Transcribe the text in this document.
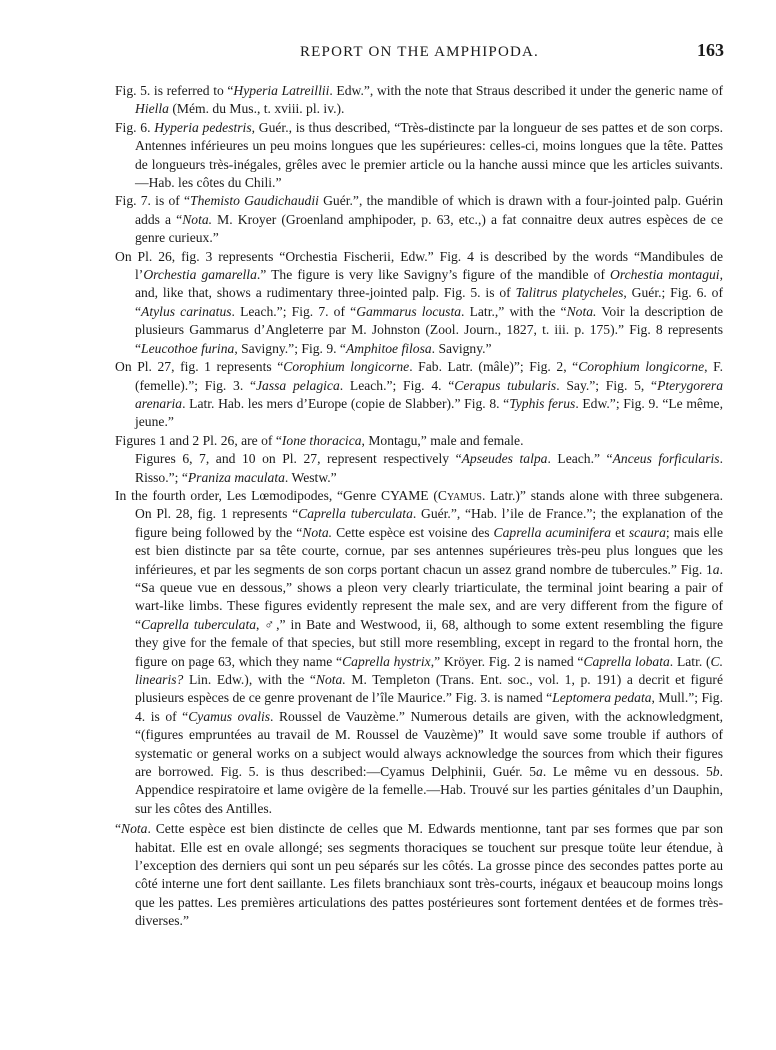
REPORT ON THE AMPHIPODA.	163

Fig. 5. is referred to “Hyperia Latreillii. Edw.”, with the note that Straus described it under the generic name of Hiella (Mém. du Mus., t. xviii. pl. iv.).

Fig. 6. Hyperia pedestris, Guér., is thus described, “Très-distincte par la longueur de ses pattes et de son corps. Antennes inférieures un peu moins longues que les supérieures: celles-ci, moins longues que la tête. Pattes de longueurs très-inégales, grêles avec le premier article ou la hanche aussi mince que les articles suivants.—Hab. les côtes du Chili.”

Fig. 7. is of “Themisto Gaudichaudii Guér.”, the mandible of which is drawn with a four-jointed palp. Guérin adds a “Nota. M. Kroyer (Groenland amphipoder, p. 63, etc.,) a fat connaitre deux autres espèces de ce genre curieux.”

On Pl. 26, fig. 3 represents “Orchestia Fischerii, Edw.” Fig. 4 is described by the words “Mandibules de l’Orchestia gamarella.” The figure is very like Savigny’s figure of the mandible of Orchestia montagui, and, like that, shows a rudimentary three-jointed palp. Fig. 5. is of Talitrus platycheles, Guér.; Fig. 6. of “Atylus carinatus. Leach.”; Fig. 7. of “Gammarus locusta. Latr.,” with the “Nota. Voir la description de plusieurs Gammarus d’Angleterre par M. Johnston (Zool. Journ., 1827, t. iii. p. 175).” Fig. 8 represents “Leucothoe furina, Savigny.”; Fig. 9. “Amphitoe filosa. Savigny.”

On Pl. 27, fig. 1 represents “Corophium longicorne. Fab. Latr. (mâle)”; Fig. 2, “Corophium longicorne, F. (femelle).”; Fig. 3. “Jassa pelagica. Leach.”; Fig. 4. “Cerapus tubularis. Say.”; Fig. 5, “Pterygorera arenaria. Latr. Hab. les mers d’Europe (copie de Slabber).” Fig. 8. “Typhis ferus. Edw.”; Fig. 9. “Le même, jeune.”

Figures 1 and 2 Pl. 26, are of “Ione thoracica, Montagu,” male and female.

Figures 6, 7, and 10 on Pl. 27, represent respectively “Apseudes talpa. Leach.” “Anceus forficularis. Risso.”; “Praniza maculata. Westw.”

In the fourth order, Les Lœmodipodes, “Genre CYAME (Cyamus. Latr.)” stands alone with three subgenera. On Pl. 28, fig. 1 represents “Caprella tuberculata. Guér.”, “Hab. l’ile de France.”; the explanation of the figure being followed by the “Nota. Cette espèce est voisine des Caprella acuminifera et scaura; mais elle est bien distincte par sa tête courte, cornue, par ses antennes supérieures très-peu plus longues que les inférieures, et par les segments de son corps portant chacun un assez grand nombre de tubercules.” Fig. 1a. “Sa queue vue en dessous,” shows a pleon very clearly triarticulate, the terminal joint bearing a pair of wart-like limbs. These figures evidently represent the male sex, and are very different from the figure of “Caprella tuberculata, ♂,” in Bate and Westwood, ii, 68, although to some extent resembling the figure they give for the female of that species, but still more resembling, except in regard to the frontal horn, the figure on page 63, which they name “Caprella hystrix,” Kröyer. Fig. 2 is named “Caprella lobata. Latr. (C. linearis? Lin. Edw.), with the “Nota. M. Templeton (Trans. Ent. soc., vol. 1, p. 191) a decrit et figuré plusieurs espèces de ce genre provenant de l’île Maurice.” Fig. 3. is named “Leptomera pedata, Mull.”; Fig. 4. is of “Cyamus ovalis. Roussel de Vauzème.” Numerous details are given, with the acknowledgment, “(figures empruntées au travail de M. Roussel de Vauzème)” It would save some trouble if authors of systematic or general works on a subject would always acknowledge the sources from which their figures are borrowed. Fig. 5. is thus described:—Cyamus Delphinii, Guér. 5a. Le même vu en dessous. 5b. Appendice respiratoire et lame ovigère de la femelle.—Hab. Trouvé sur les parties génitales d’un Dauphin, sur les côtes des Antilles.

“Nota. Cette espèce est bien distincte de celles que M. Edwards mentionne, tant par ses formes que par son habitat. Elle est en ovale allongé; ses segments thoraciques se touchent sur presque toüte leur étendue, à l’exception des derniers qui sont un peu séparés sur les côtés. La grosse pince des secondes pattes porte au côté interne une fort dent saillante. Les filets branchiaux sont très-courts, inégaux et beaucoup moins longs que les pattes. Les premières articulations des pattes postérieures sont fortement dentées et de formes très-diverses.”
